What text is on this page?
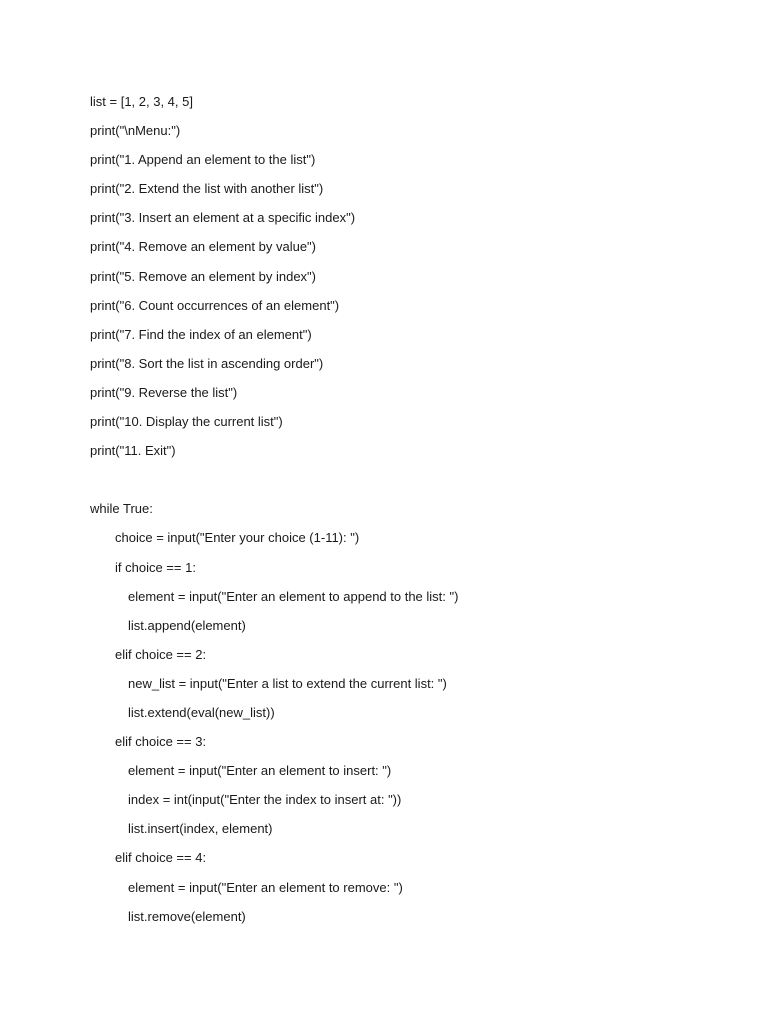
list = [1, 2, 3, 4, 5]
print("\nMenu:")
print("1. Append an element to the list")
print("2. Extend the list with another list")
print("3. Insert an element at a specific index")
print("4. Remove an element by value")
print("5. Remove an element by index")
print("6. Count occurrences of an element")
print("7. Find the index of an element")
print("8. Sort the list in ascending order")
print("9. Reverse the list")
print("10. Display the current list")
print("11. Exit")
while True:
choice = input("Enter your choice (1-11): ")
if choice == 1:
element = input("Enter an element to append to the list: ")
list.append(element)
elif choice == 2:
new_list = input("Enter a list to extend the current list: ")
list.extend(eval(new_list))
elif choice == 3:
element = input("Enter an element to insert: ")
index = int(input("Enter the index to insert at: "))
list.insert(index, element)
elif choice == 4:
element = input("Enter an element to remove: ")
list.remove(element)
